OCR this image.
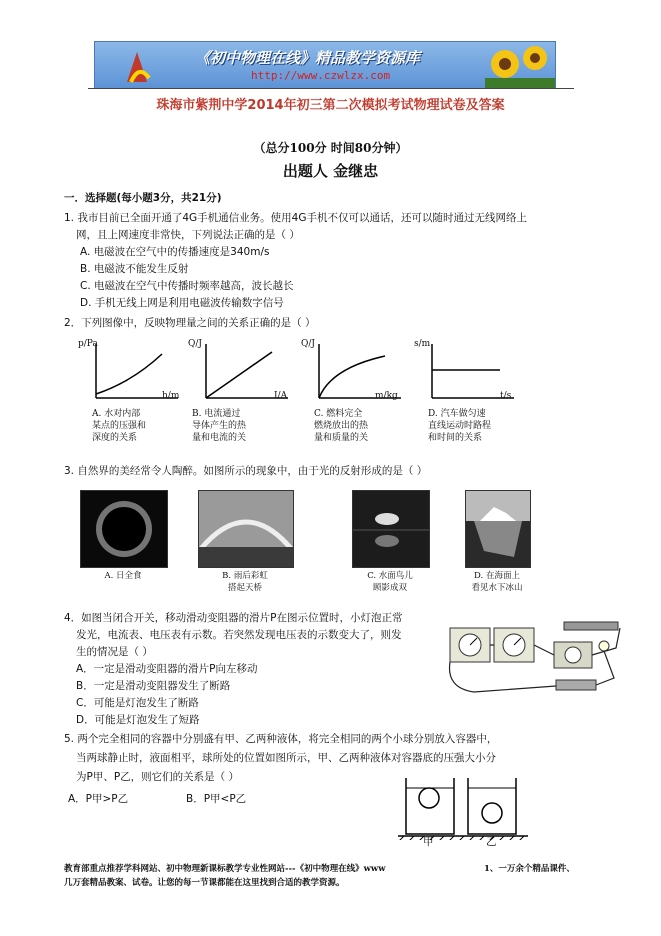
《初中物理在线》精品教学资源库
http://www.czwlzx.com
珠海市紫荆中学2014年初三第二次模拟考试物理试卷及答案
（总分100分 时间80分钟）
出题人 金继忠
一．选择题(每小题3分，共21分)
1. 我市目前已全面开通了4G手机通信业务。使用4G手机不仅可以通话，还可以随时通过无线网络上
网，且上网速度非常快，下列说法正确的是（ ）
A. 电磁波在空气中的传播速度是340m/s
B. 电磁波不能发生反射
C. 电磁波在空气中传播时频率越高，波长越长
D. 手机无线上网是利用电磁波传输数字信号
2．下列图像中，反映物理量之间的关系正确的是（ ）
p/Pa
h/m
Q/J
I/A
Q/J
m/kg
s/m
t/s
A. 水对内部
某点的压强和
深度的关系
B. 电流通过
导体产生的热
量和电流的关
C. 燃料完全
燃烧放出的热
量和质量的关
D. 汽车做匀速
直线运动时路程
和时间的关系
3. 自然界的美经常令人陶醉。如图所示的现象中，由于光的反射形成的是（ ）
A. 日全食	B. 雨后彩虹
搭起天桥
C. 水面鸟儿
顾影成双
D. 在海面上
看见水下冰山
4．如图当闭合开关，移动滑动变阻器的滑片P在图示位置时，小灯泡正常
发光，电流表、电压表有示数。若突然发现电压表的示数变大了，则发
生的情况是（ ）
A．一定是滑动变阻器的滑片P向左移动
B．一定是滑动变阻器发生了断路
C．可能是灯泡发生了断路
D．可能是灯泡发生了短路
5. 两个完全相同的容器中分别盛有甲、乙两种液体，将完全相同的两个小球分别放入容器中，
当两球静止时，液面相平，球所处的位置如图所示，甲、乙两种液体对容器底的压强大小分
为P甲、P乙，则它们的关系是（ ）
A．P甲>P乙	B．P甲<P乙
甲	乙
教育部重点推荐学科网站、初中物理新课标教学专业性网站---《初中物理在线》www	1、一万余个精品课件、
几万套精品教案、试卷。让您的每一节课都能在这里找到合适的教学资源。
